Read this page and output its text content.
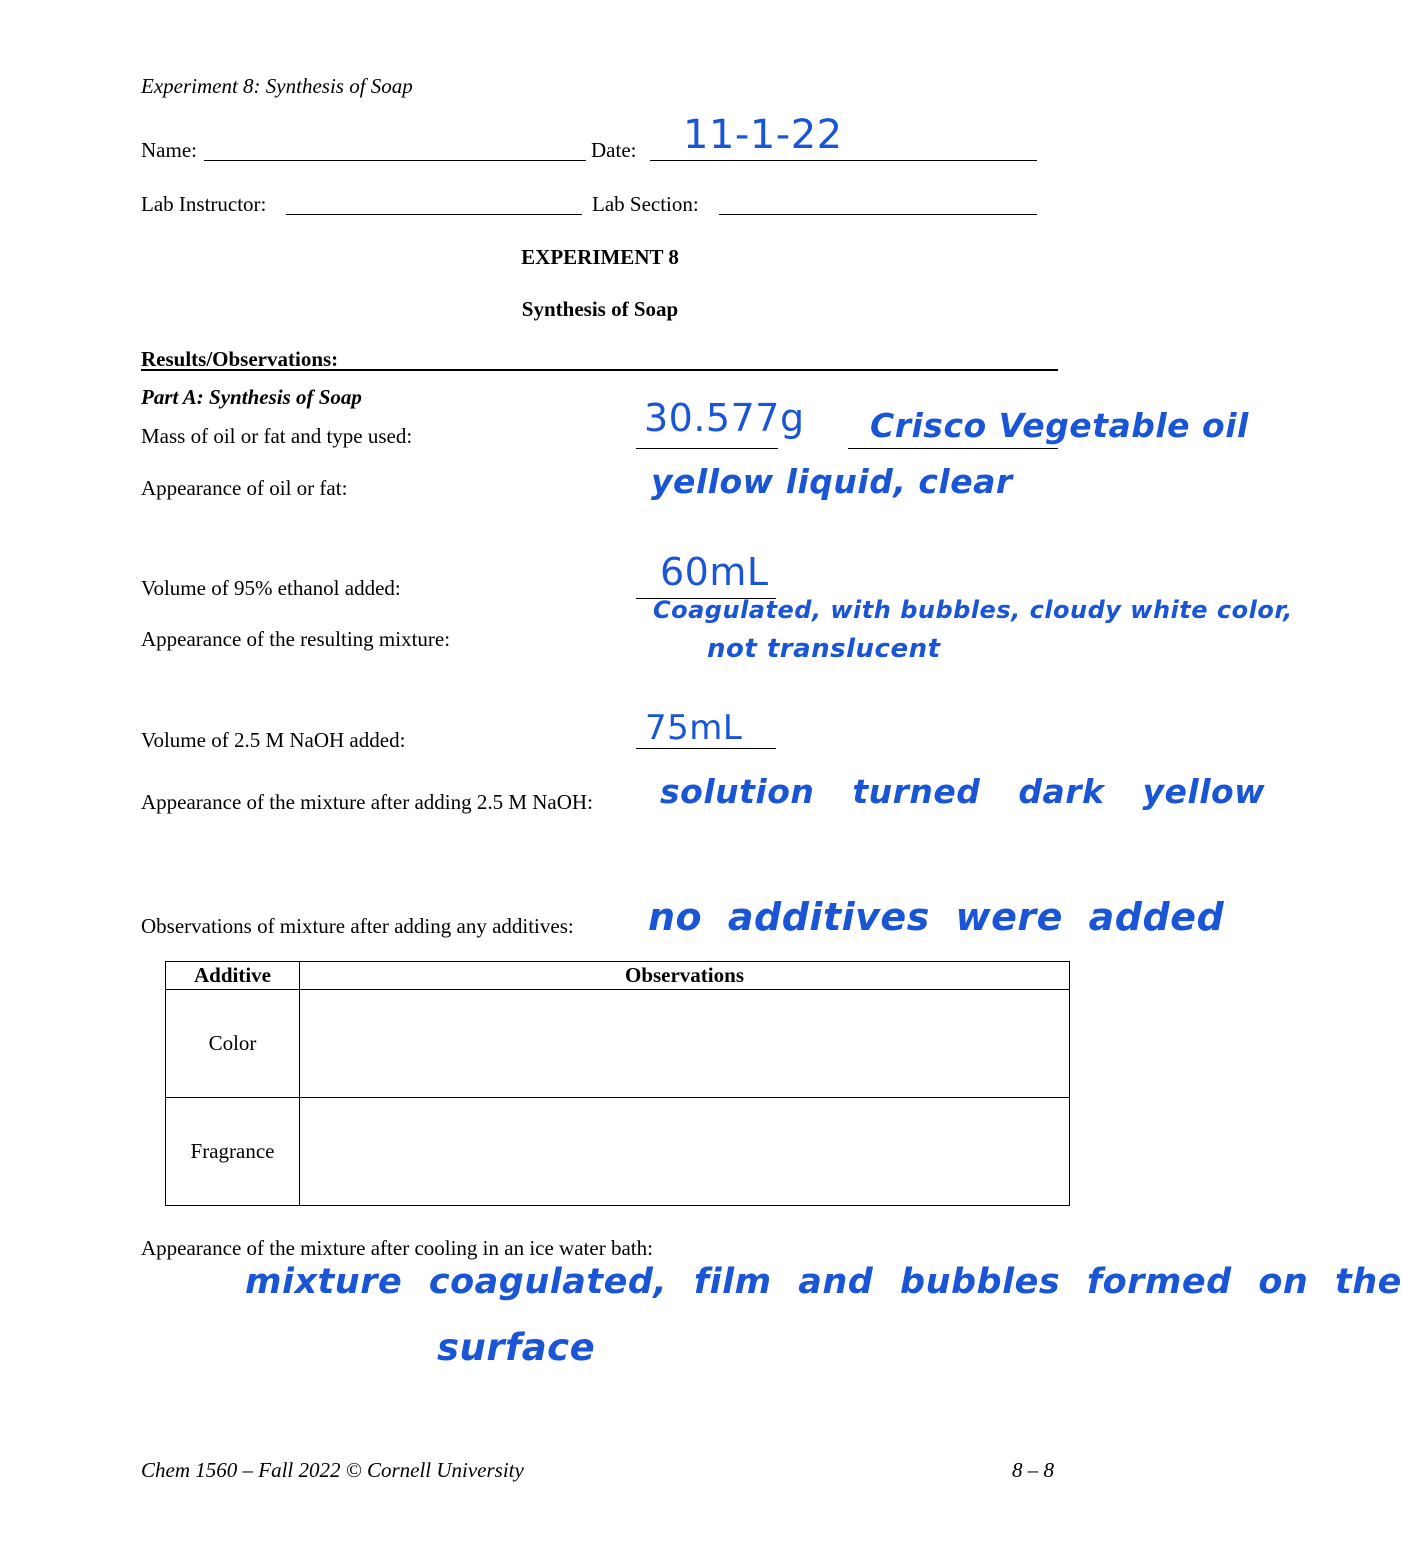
Experiment 8: Synthesis of Soap
Name:	Date: 11-1-22
Lab Instructor:	Lab Section:
EXPERIMENT 8
Synthesis of Soap
Results/Observations:
Part A: Synthesis of Soap
Mass of oil or fat and type used:	30.577g Crisco Vegetable oil
Appearance of oil or fat:	yellow liquid, clear
Volume of 95% ethanol added:	60mL
Appearance of the resulting mixture:
Coagulated, with bubbles, cloudy white color,
not translucent
Volume of 2.5 M NaOH added:	75mL
Appearance of the mixture after adding 2.5 M NaOH: solution turned dark yellow
Observations of mixture after adding any additives: no additives were added
Additive	Observations
Color	
Fragrance	
Appearance of the mixture after cooling in an ice water bath:
mixture coagulated, film and bubbles formed on the
surface
Chem 1560 – Fall 2022 © Cornell University	8 – 8
